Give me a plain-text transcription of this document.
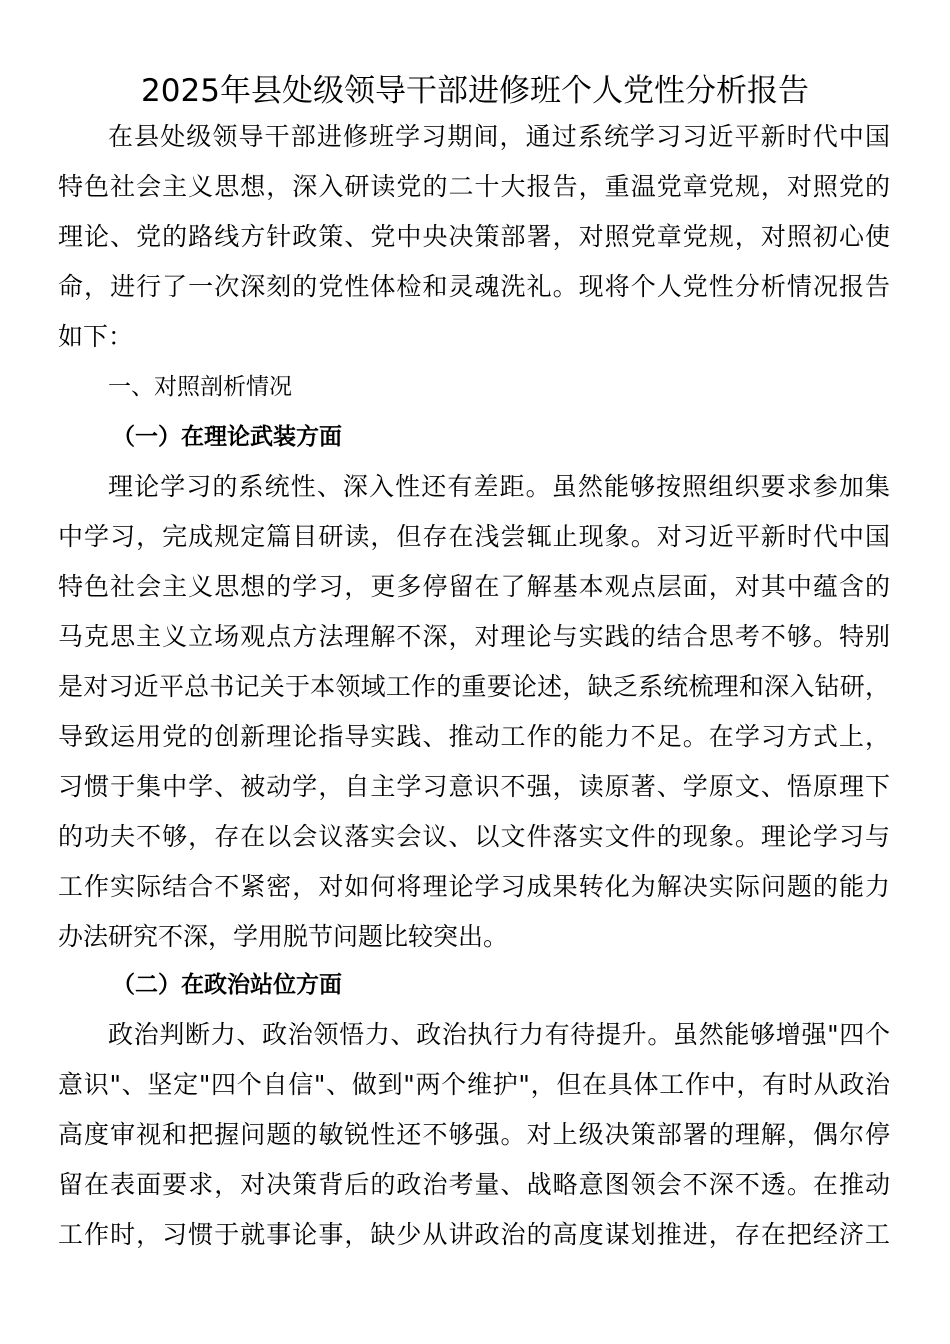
2025年县处级领导干部进修班个人党性分析报告
在县处级领导干部进修班学习期间，通过系统学习习近平新时代中国
特色社会主义思想，深入研读党的二十大报告，重温党章党规，对照党的
理论、党的路线方针政策、党中央决策部署，对照党章党规，对照初心使
命，进行了一次深刻的党性体检和灵魂洗礼。现将个人党性分析情况报告
如下：
一、对照剖析情况
（一）在理论武装方面
理论学习的系统性、深入性还有差距。虽然能够按照组织要求参加集
中学习，完成规定篇目研读，但存在浅尝辄止现象。对习近平新时代中国
特色社会主义思想的学习，更多停留在了解基本观点层面，对其中蕴含的
马克思主义立场观点方法理解不深，对理论与实践的结合思考不够。特别
是对习近平总书记关于本领域工作的重要论述，缺乏系统梳理和深入钻研，
导致运用党的创新理论指导实践、推动工作的能力不足。在学习方式上，
习惯于集中学、被动学，自主学习意识不强，读原著、学原文、悟原理下
的功夫不够，存在以会议落实会议、以文件落实文件的现象。理论学习与
工作实际结合不紧密，对如何将理论学习成果转化为解决实际问题的能力
办法研究不深，学用脱节问题比较突出。
（二）在政治站位方面
政治判断力、政治领悟力、政治执行力有待提升。虽然能够增强"四个
意识"、坚定"四个自信"、做到"两个维护"，但在具体工作中，有时从政治
高度审视和把握问题的敏锐性还不够强。对上级决策部署的理解，偶尔停
留在表面要求，对决策背后的政治考量、战略意图领会不深不透。在推动
工作时，习惯于就事论事，缺少从讲政治的高度谋划推进，存在把经济工
